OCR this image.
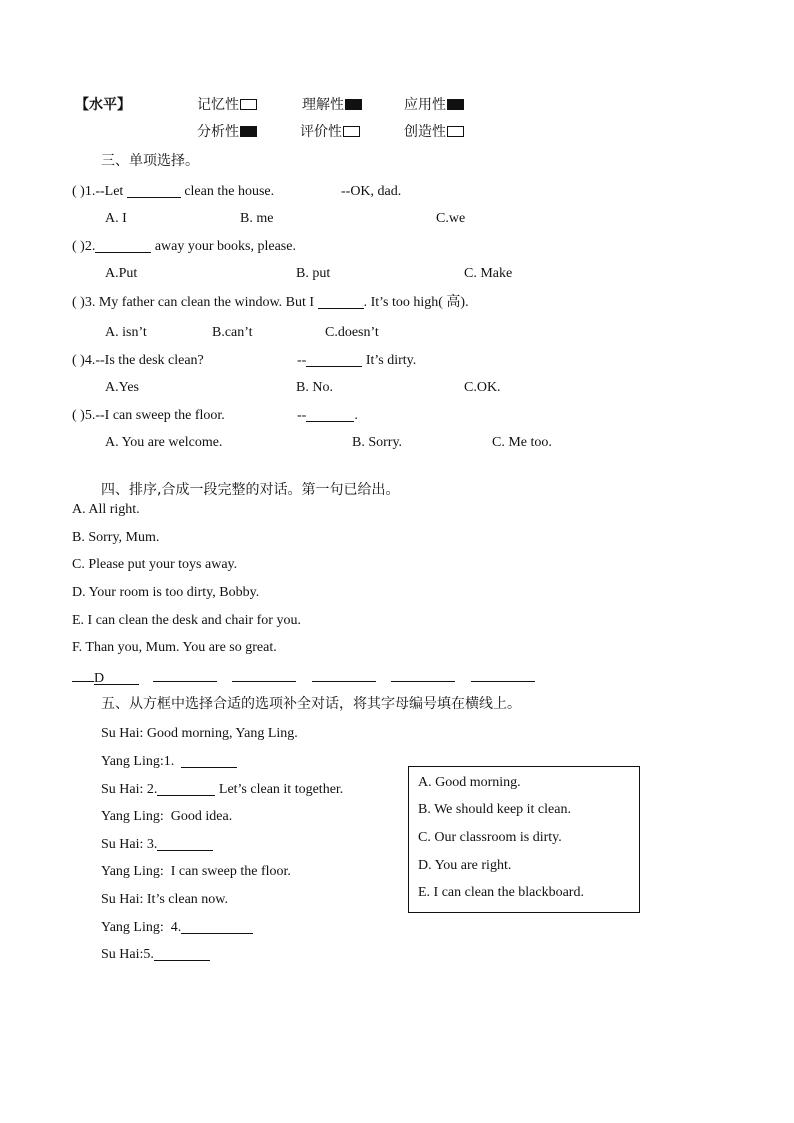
【水平】	记忆性	理解性	应用性
分析性	评价性	创造性
三、单项选择。
( )1.--Let	clean the house.	--OK, dad.
A. I	B. me	C.we
( )2.	away your books, please.
A.Put	B. put	C. Make
( )3. My father can clean the window. But I	. It’s too high( 高).
A. isn’t	B.can’t	C.doesn’t
( )4.--Is the desk clean?	--	It’s dirty.
A.Yes	B. No.	C.OK.
( )5.--I can sweep the floor.	--	.
A. You are welcome.	B. Sorry.	C. Me too.
四、排序,合成一段完整的对话。第一句已给出。
A. All right.
B. Sorry, Mum.
C. Please put your toys away.
D. Your room is too dirty, Bobby.
E. I can clean the desk and chair for you.
F. Than you, Mum. You are so great.
D
五、从方框中选择合适的选项补全对话，将其字母编号填在横线上。
Su Hai: Good morning, Yang Ling.
Yang Ling:1.
Su Hai: 2.	Let’s clean it together.
Yang Ling: Good idea.
Su Hai: 3.
Yang Ling: I can sweep the floor.
Su Hai: It’s clean now.
Yang Ling: 4.
Su Hai:5.
A. Good morning.
B. We should keep it clean.
C. Our classroom is dirty.
D. You are right.
E. I can clean the blackboard.
